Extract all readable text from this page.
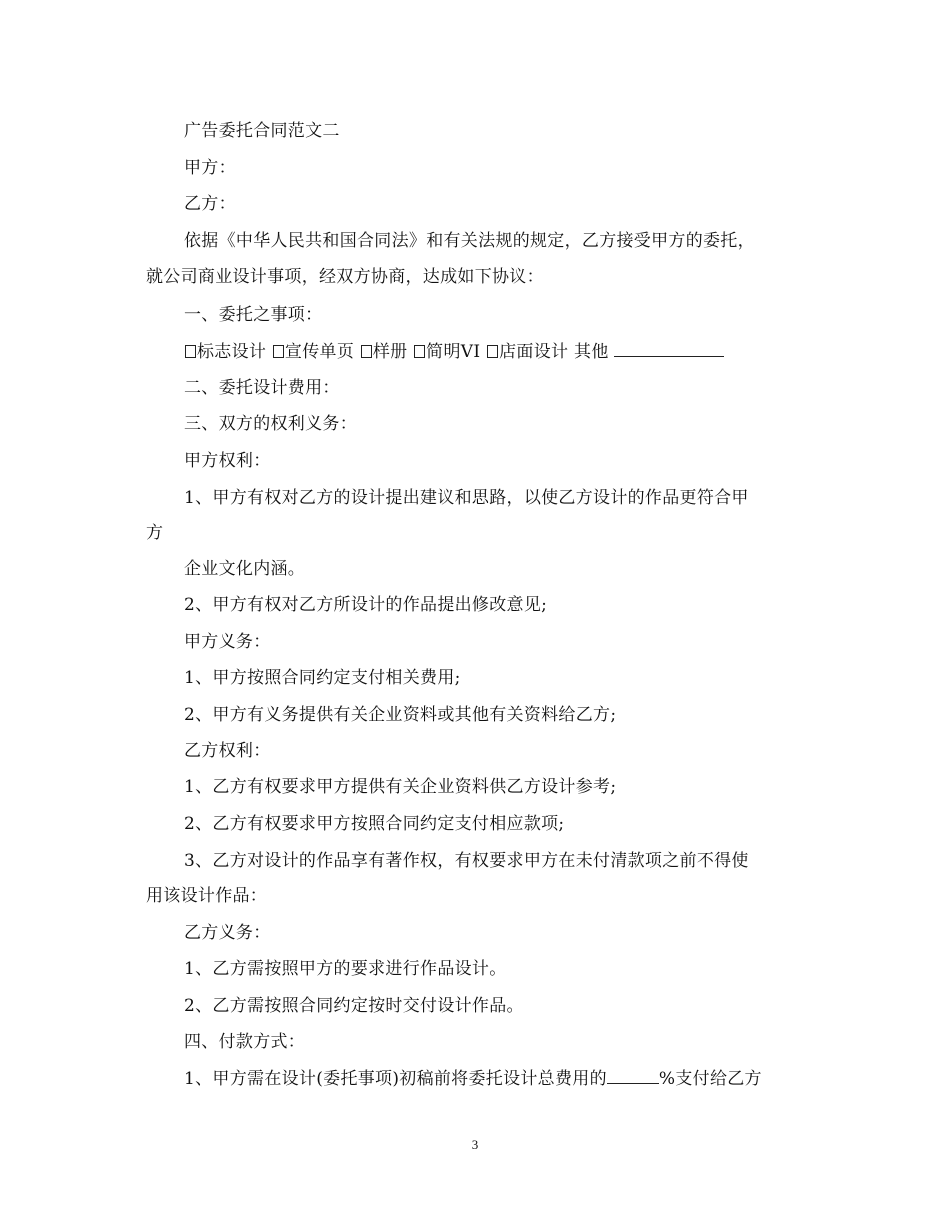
广告委托合同范文二
甲方：
乙方：
依据《中华人民共和国合同法》和有关法规的规定，乙方接受甲方的委托，
就公司商业设计事项，经双方协商，达成如下协议：
一、委托之事项：
标志设计 宣传单页 样册 简明VI 店面设计 其他
二、委托设计费用：
三、双方的权利义务：
甲方权利：
1、甲方有权对乙方的设计提出建议和思路，以使乙方设计的作品更符合甲
方
企业文化内涵。
2、甲方有权对乙方所设计的作品提出修改意见;
甲方义务：
1、甲方按照合同约定支付相关费用;
2、甲方有义务提供有关企业资料或其他有关资料给乙方;
乙方权利：
1、乙方有权要求甲方提供有关企业资料供乙方设计参考;
2、乙方有权要求甲方按照合同约定支付相应款项;
3、乙方对设计的作品享有著作权，有权要求甲方在未付清款项之前不得使
用该设计作品：
乙方义务：
1、乙方需按照甲方的要求进行作品设计。
2、乙方需按照合同约定按时交付设计作品。
四、付款方式：
1、甲方需在设计(委托事项)初稿前将委托设计总费用的	%支付给乙方
3
